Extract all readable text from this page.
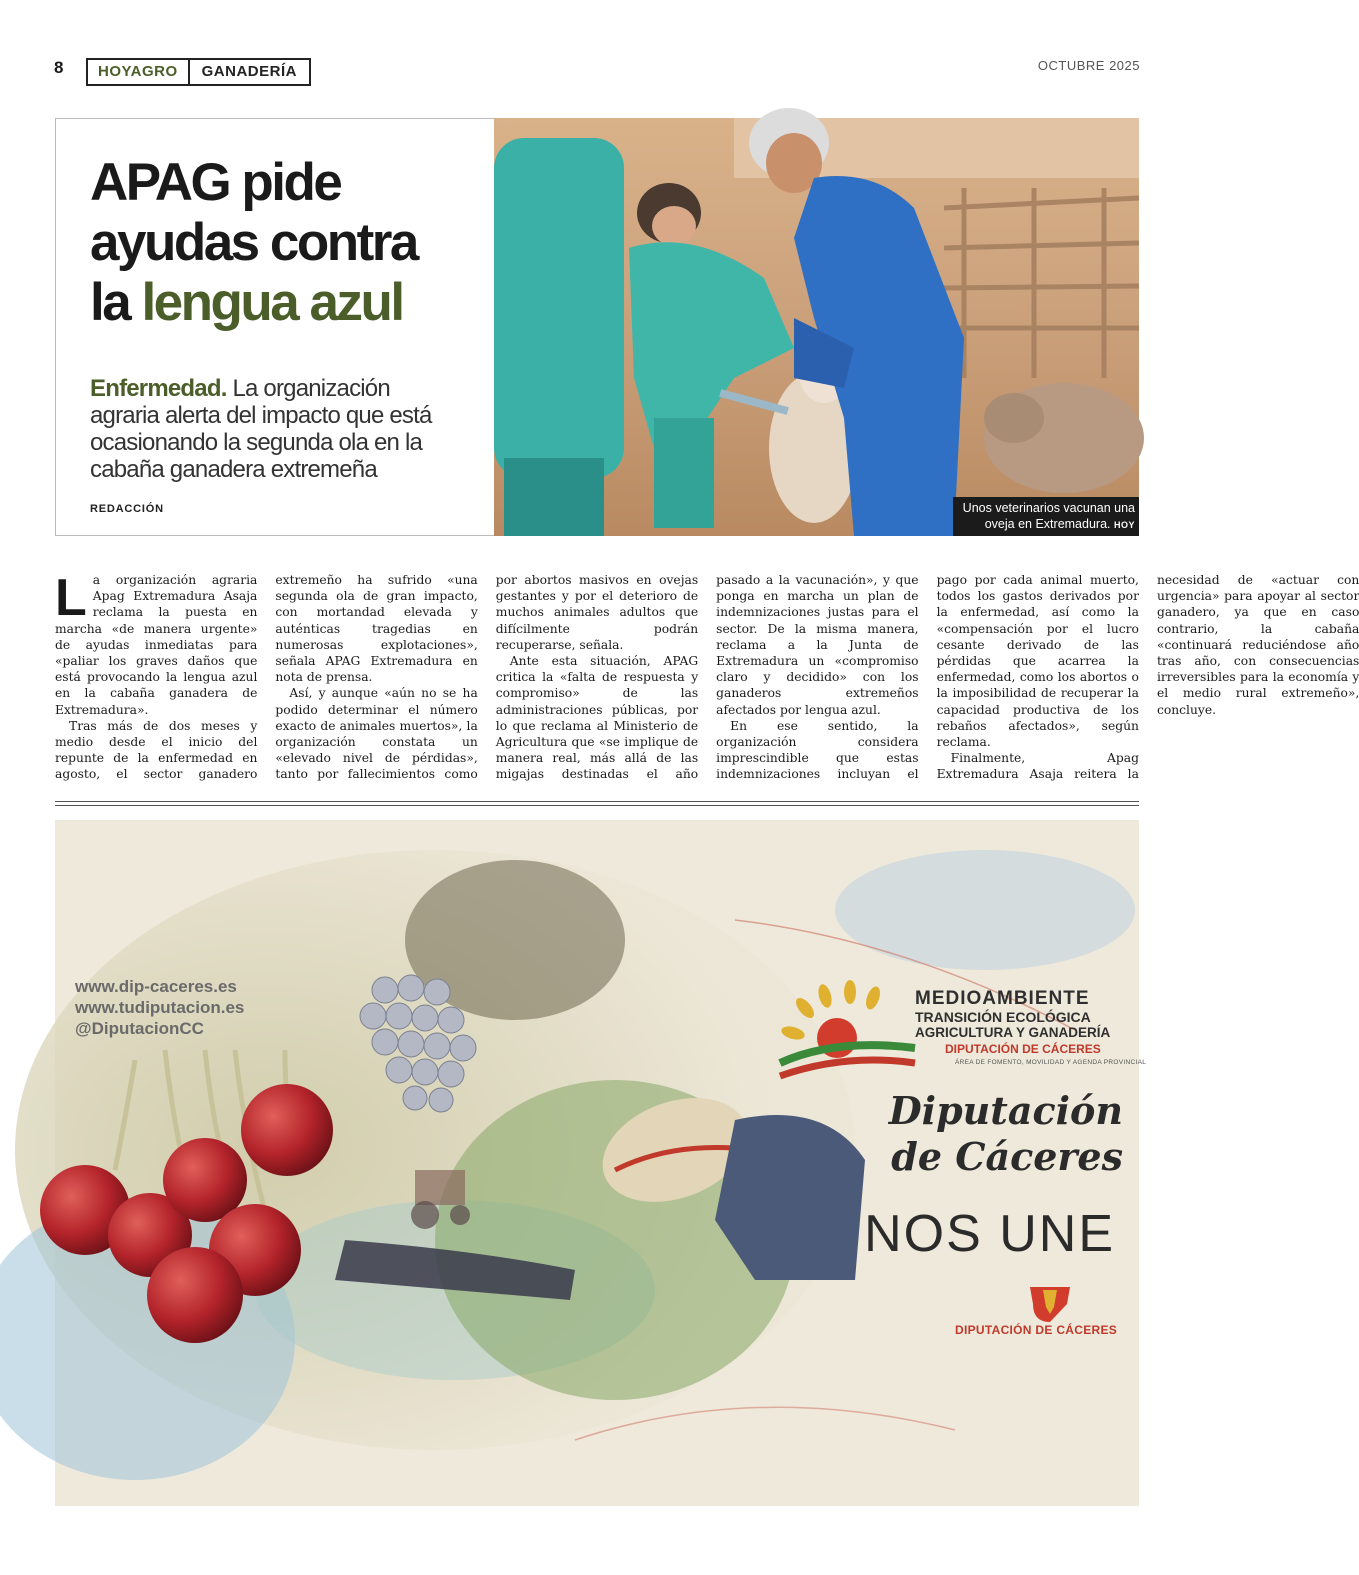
8	HOYAGRO	GANADERÍA	OCTUBRE 2025
APAG pide
ayudas contra
la lengua azul

Enfermedad. La organización agraria alerta del impacto que está ocasionando la segunda ola en la cabaña ganadera extremeña

REDACCIÓN	Unos veterinarios vacunan una oveja en Extremadura. HOY

La organización agraria Apag Extremadura Asaja reclama la puesta en marcha «de manera urgente» de ayudas inmediatas para «paliar los graves daños que está provocando la lengua azul en la cabaña ganadera de Extremadura».

Tras más de dos meses y medio desde el inicio del repunte de la enfermedad en agosto, el sector ganadero extremeño ha sufrido «una segunda ola de gran impacto, con mortandad elevada y auténticas tragedias en numerosas explotaciones», señala APAG Extremadura en nota de prensa.

Así, y aunque «aún no se ha podido determinar el número exacto de animales muertos», la organización constata un «elevado nivel de pérdidas», tanto por fallecimientos como por abortos masivos en ovejas gestantes y por el deterioro de muchos animales adultos que difícilmente podrán recuperarse, señala.

Ante esta situación, APAG critica la «falta de respuesta y compromiso» de las administraciones públicas, por lo que reclama al Ministerio de Agricultura que «se implique de manera real, más allá de las migajas destinadas el año pasado a la vacunación», y que ponga en marcha un plan de indemnizaciones justas para el sector. De la misma manera, reclama a la Junta de Extremadura un «compromiso claro y decidido» con los ganaderos extremeños afectados por lengua azul.

En ese sentido, la organización considera imprescindible que estas indemnizaciones incluyan el pago por cada animal muerto, todos los gastos derivados por la enfermedad, así como la «compensación por el lucro cesante derivado de las pérdidas que acarrea la enfermedad, como los abortos o la imposibilidad de recuperar la capacidad productiva de los rebaños afectados», según reclama.

Finalmente, Apag Extremadura Asaja reitera la necesidad de «actuar con urgencia» para apoyar al sector ganadero, ya que en caso contrario, la cabaña «continuará reduciéndose año tras año, con consecuencias irreversibles para la economía y el medio rural extremeño», concluye.

www.dip-caceres.es
www.tudiputacion.es
@DiputacionCC
MEDIOAMBIENTE
TRANSICIÓN ECOLÓGICA
AGRICULTURA Y GANADERÍA
DIPUTACIÓN DE CÁCERES
ÁREA DE FOMENTO, MOVILIDAD Y AGENDA PROVINCIAL
Diputación
de Cáceres
NOS UNE
DIPUTACIÓN DE CÁCERES
